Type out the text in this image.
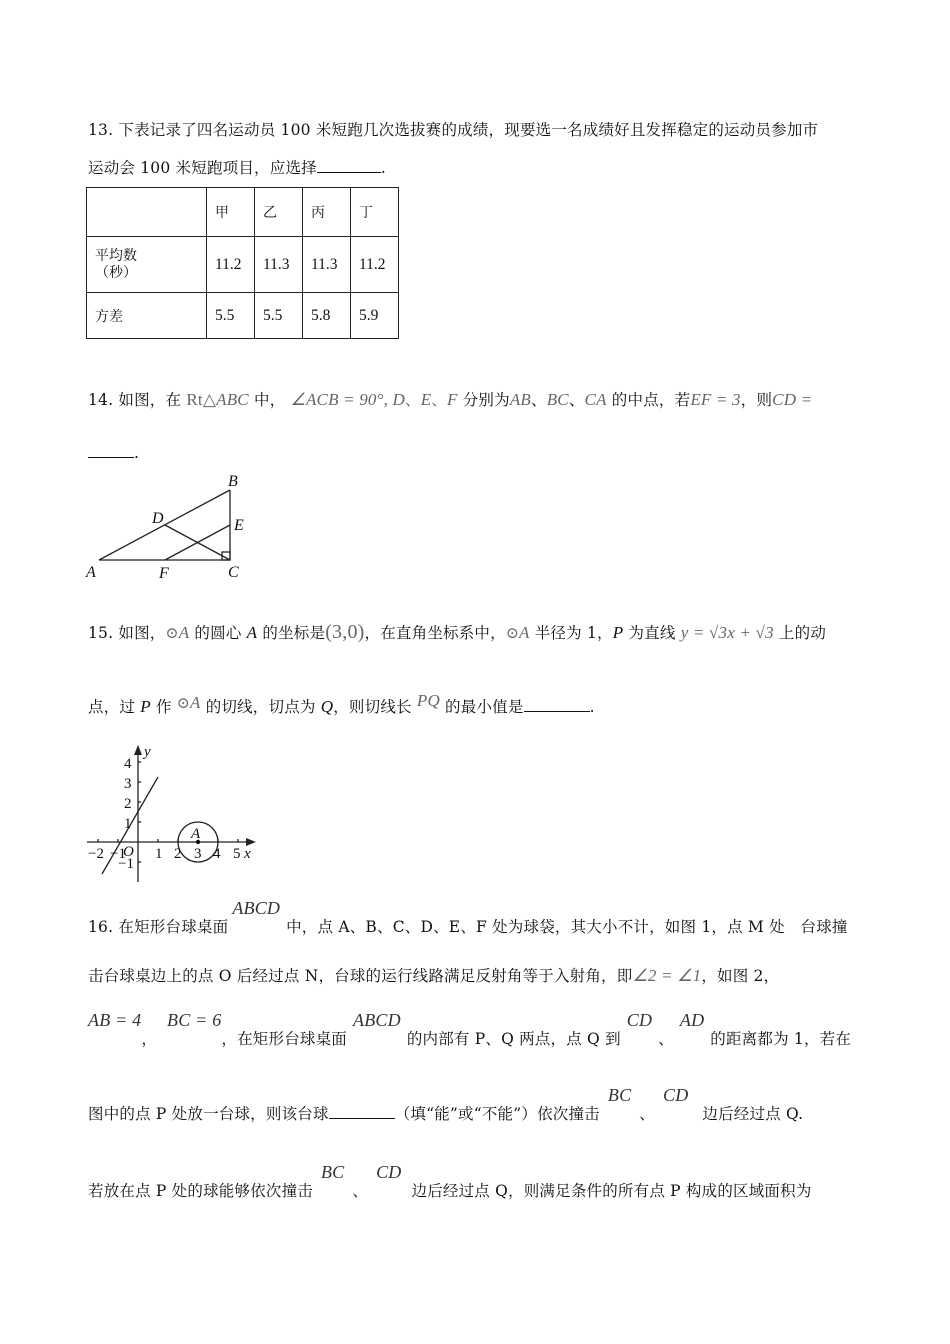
13. 下表记录了四名运动员 100 米短跑几次选拔赛的成绩，现要选一名成绩好且发挥稳定的运动员参加市
运动会 100 米短跑项目，应选择	.
	甲	乙	丙	丁

平均数
（秒）	11.2	11.3	11.3	11.2
方差	5.5	5.5	5.8	5.9
14. 如图，在 Rt△ABC 中， ∠ACB = 90°, D、E、F 分别为AB、BC、CA 的中点，若EF = 3，则CD =
.
A
B
C
D	E
F
15. 如图，⊙A 的圆心 A 的坐标是(3,0)，在直角坐标系中，⊙A 半径为 1，P 为直线 y = √3x + √3 上的动
点，过 P 作 ⊙A 的切线，切点为 Q，则切线长 PQ 的最小值是	.
x
y
−2 −1 1 2 3 4 5
4
3
2
1
−1
O
A
16. 在矩形台球桌面ABCD中，点 A、B、C、D、E、F 处为球袋，其大小不计，如图 1，点 M 处　台球撞
击台球桌边上的点 O 后经过点 N，台球的运行线路满足反射角等于入射角，即∠2 = ∠1，如图 2，
AB = 4，BC = 6，在矩形台球桌面ABCD的内部有 P、Q 两点，点 Q 到CD、AD的距离都为 1，若在
图中的点 P 处放一台球，则该台球	（填“能”或“不能”）依次撞击BC、CD边后经过点 Q.
若放在点 P 处的球能够依次撞击BC、CD边后经过点 Q，则满足条件的所有点 P 构成的区域面积为
